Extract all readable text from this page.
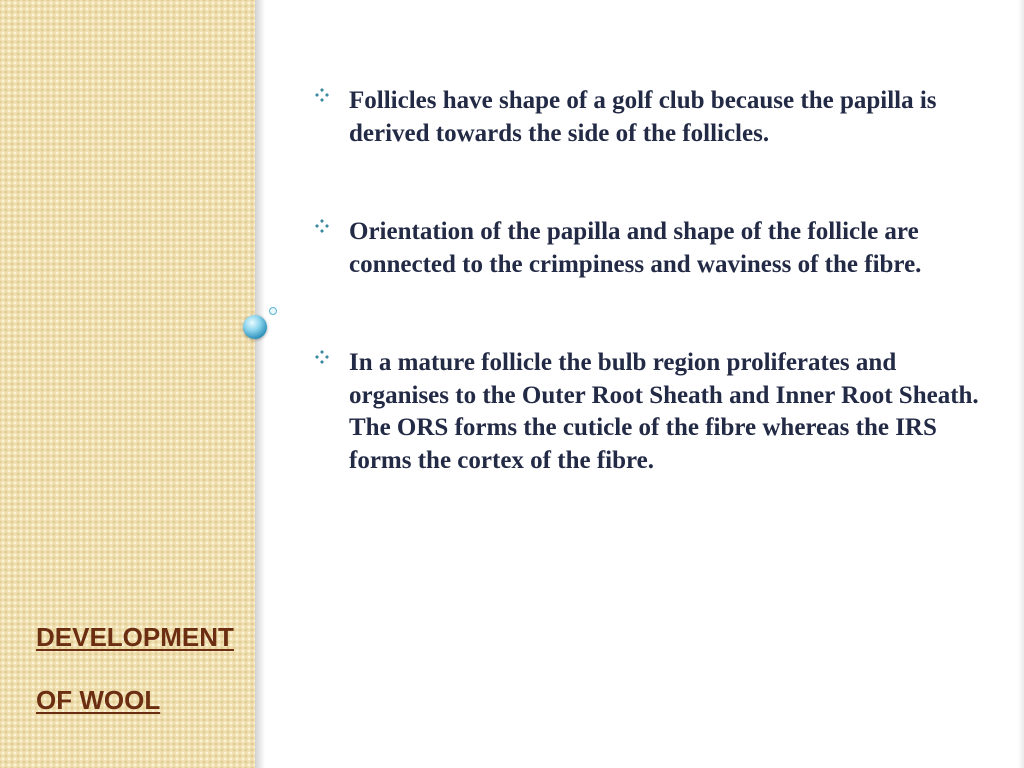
DEVELOPMENT
OF WOOL
Follicles have shape of a golf club because the papilla is derived towards the side of the follicles.
Orientation of the papilla and shape of the follicle are connected to the crimpiness and waviness of the fibre.
In a mature follicle the bulb region proliferates and organises to the Outer Root Sheath and Inner Root Sheath. The ORS forms the cuticle of the fibre whereas the IRS forms the cortex of the fibre.
